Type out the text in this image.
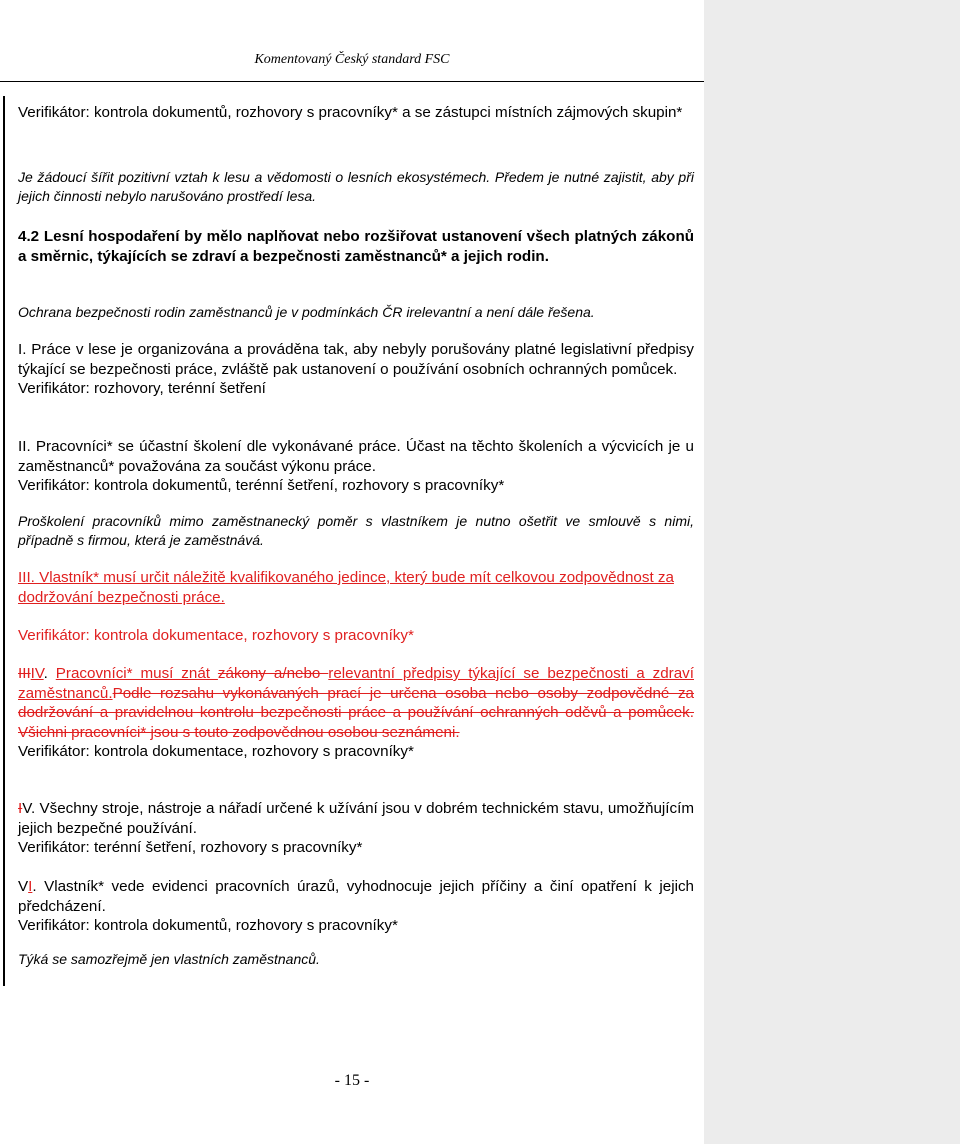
Komentovaný Český standard FSC

Verifikátor: kontrola dokumentů, rozhovory s pracovníky* a se zástupci místních zájmových skupin*

Je žádoucí šířit pozitivní vztah k lesu a vědomosti o lesních ekosystémech. Předem je nutné zajistit, aby při jejich činnosti nebylo narušováno prostředí lesa.

4.2 Lesní hospodaření by mělo naplňovat nebo rozšiřovat ustanovení všech platných zákonů a směrnic, týkajících se zdraví a bezpečnosti zaměstnanců* a jejich rodin.

Ochrana bezpečnosti rodin zaměstnanců je v podmínkách ČR irelevantní a není dále řešena.

I. Práce v lese je organizována a prováděna tak, aby nebyly porušovány platné legislativní předpisy týkající se bezpečnosti práce, zvláště pak ustanovení o používání osobních ochranných pomůcek.
Verifikátor: rozhovory, terénní šetření
II. Pracovníci* se účastní školení dle vykonávané práce. Účast na těchto školeních a výcvicích je u zaměstnanců* považována za součást výkonu práce.
Verifikátor: kontrola dokumentů, terénní šetření, rozhovory s pracovníky*

Proškolení pracovníků mimo zaměstnanecký poměr s vlastníkem je nutno ošetřit ve smlouvě s nimi, případně s firmou, která je zaměstnává.

III. Vlastník* musí určit náležitě kvalifikovaného jedince, který bude mít celkovou zodpovědnost za dodržování bezpečnosti práce.

Verifikátor: kontrola dokumentace, rozhovory s pracovníky*

IIIIV. Pracovníci* musí znát zákony a/nebo relevantní předpisy týkající se bezpečnosti a zdraví zaměstnanců.Podle rozsahu vykonávaných prací je určena osoba nebo osoby zodpovědné za dodržování a pravidelnou kontrolu bezpečnosti práce a používání ochranných oděvů a pomůcek. Všichni pracovníci* jsou s touto zodpovědnou osobou seznámeni.
Verifikátor: kontrola dokumentace, rozhovory s pracovníky*
IV. Všechny stroje, nástroje a nářadí určené k užívání jsou v dobrém technickém stavu, umožňujícím jejich bezpečné používání.
Verifikátor: terénní šetření, rozhovory s pracovníky*
VI. Vlastník* vede evidenci pracovních úrazů, vyhodnocuje jejich příčiny a činí opatření k jejich předcházení.
Verifikátor: kontrola dokumentů, rozhovory s pracovníky*

Týká se samozřejmě jen vlastních zaměstnanců.

- 15 -
